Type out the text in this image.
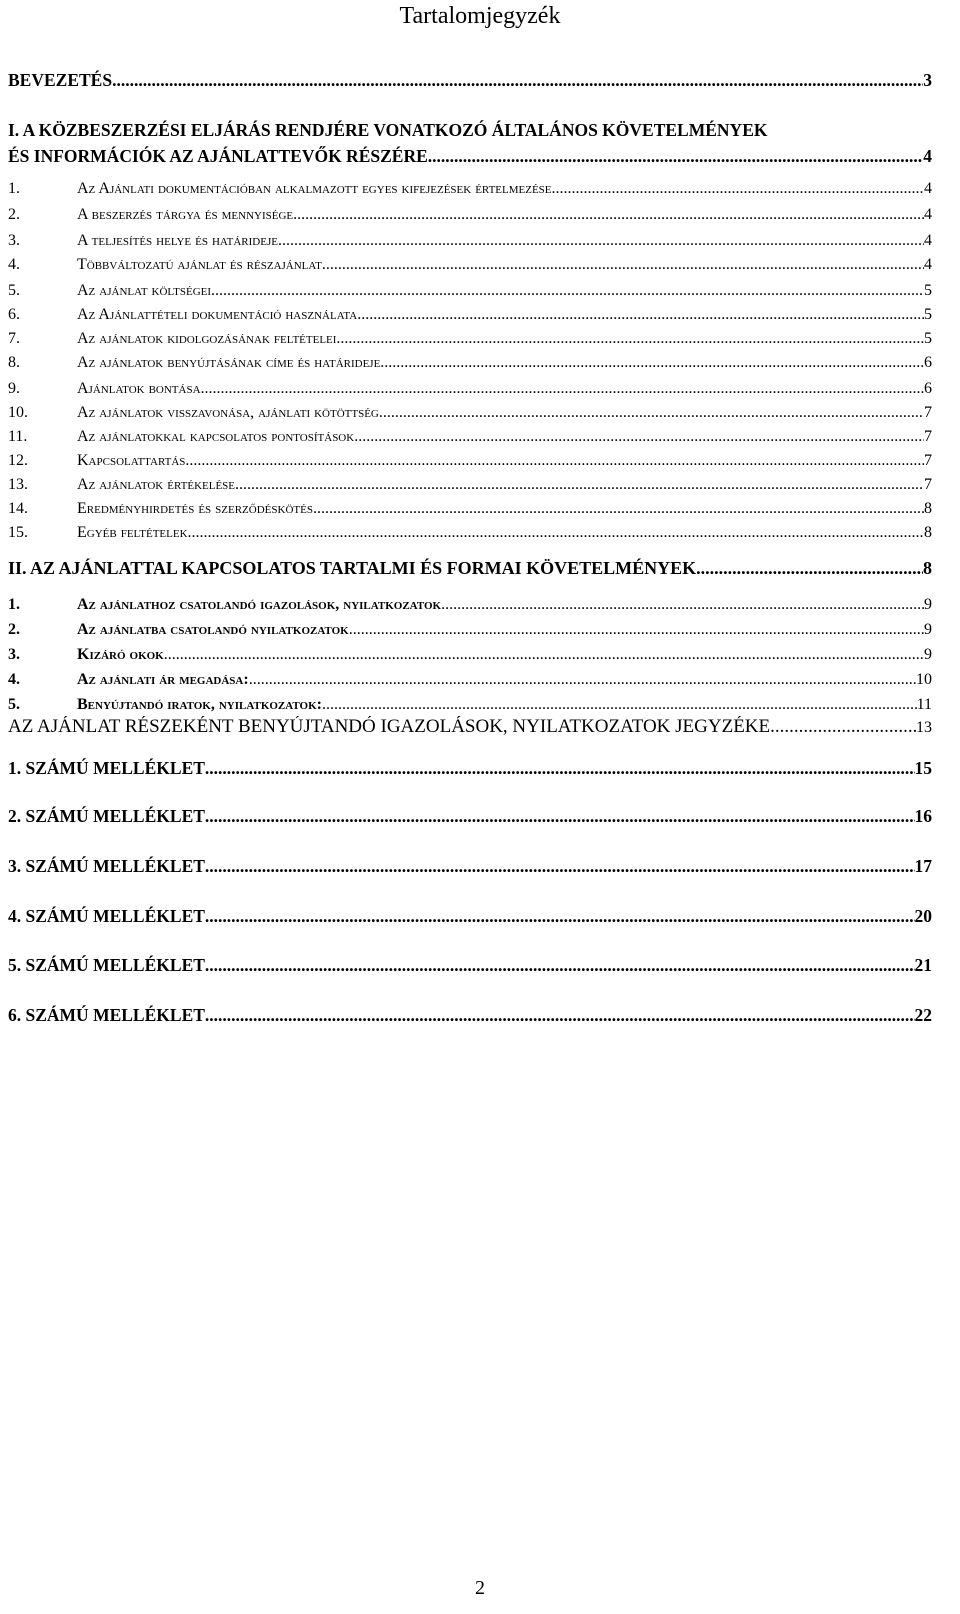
Tartalomjegyzék
BEVEZETÉS .....	3
I. A KÖZBESZERZÉSI ELJÁRÁS RENDJÉRE VONATKOZÓ ÁLTALÁNOS KÖVETELMÉNYEK
ÉS INFORMÁCIÓK AZ AJÁNLATTEVŐK RÉSZÉRE .....	4
1.	Az Ajánlati dokumentációban alkalmazott egyes kifejezések értelmezése .....	4
2.	A beszerzés tárgya és mennyisége .....	4
3.	A teljesítés helye és határideje .....	4
4.	Többváltozatú ajánlat és részajánlat .....	4
5.	Az ajánlat költségei .....	5
6.	Az Ajánlattételi dokumentáció használata .....	5
7.	Az ajánlatok kidolgozásának feltételei .....	5
8.	Az ajánlatok benyújtásának címe és határideje .....	6
9.	Ajánlatok bontása .....	6
10.	Az ajánlatok visszavonása, ajánlati kötöttség .....	7
11.	Az ajánlatokkal kapcsolatos pontosítások .....	7
12.	Kapcsolattartás .....	7
13.	Az ajánlatok értékelése .....	7
14.	Eredményhirdetés és szerződéskötés .....	8
15.	Egyéb feltételek .....	8
II. AZ AJÁNLATTAL KAPCSOLATOS TARTALMI ÉS FORMAI KÖVETELMÉNYEK .....	8
1.	Az ajánlathoz csatolandó igazolások, nyilatkozatok .....	9
2.	Az ajánlatba csatolandó nyilatkozatok .....	9
3.	Kizáró okok .....	9
4.	Az ajánlati ár megadása: .....	10
5.	Benyújtandó iratok, nyilatkozatok: .....	11
AZ AJÁNLAT RÉSZEKÉNT BENYÚJTANDÓ IGAZOLÁSOK, NYILATKOZATOK JEGYZÉKE .....	13
1. SZÁMÚ MELLÉKLET .....	15
2. SZÁMÚ MELLÉKLET .....	16
3. SZÁMÚ MELLÉKLET .....	17
4. SZÁMÚ MELLÉKLET .....	20
5. SZÁMÚ MELLÉKLET .....	21
6. SZÁMÚ MELLÉKLET .....	22
2
